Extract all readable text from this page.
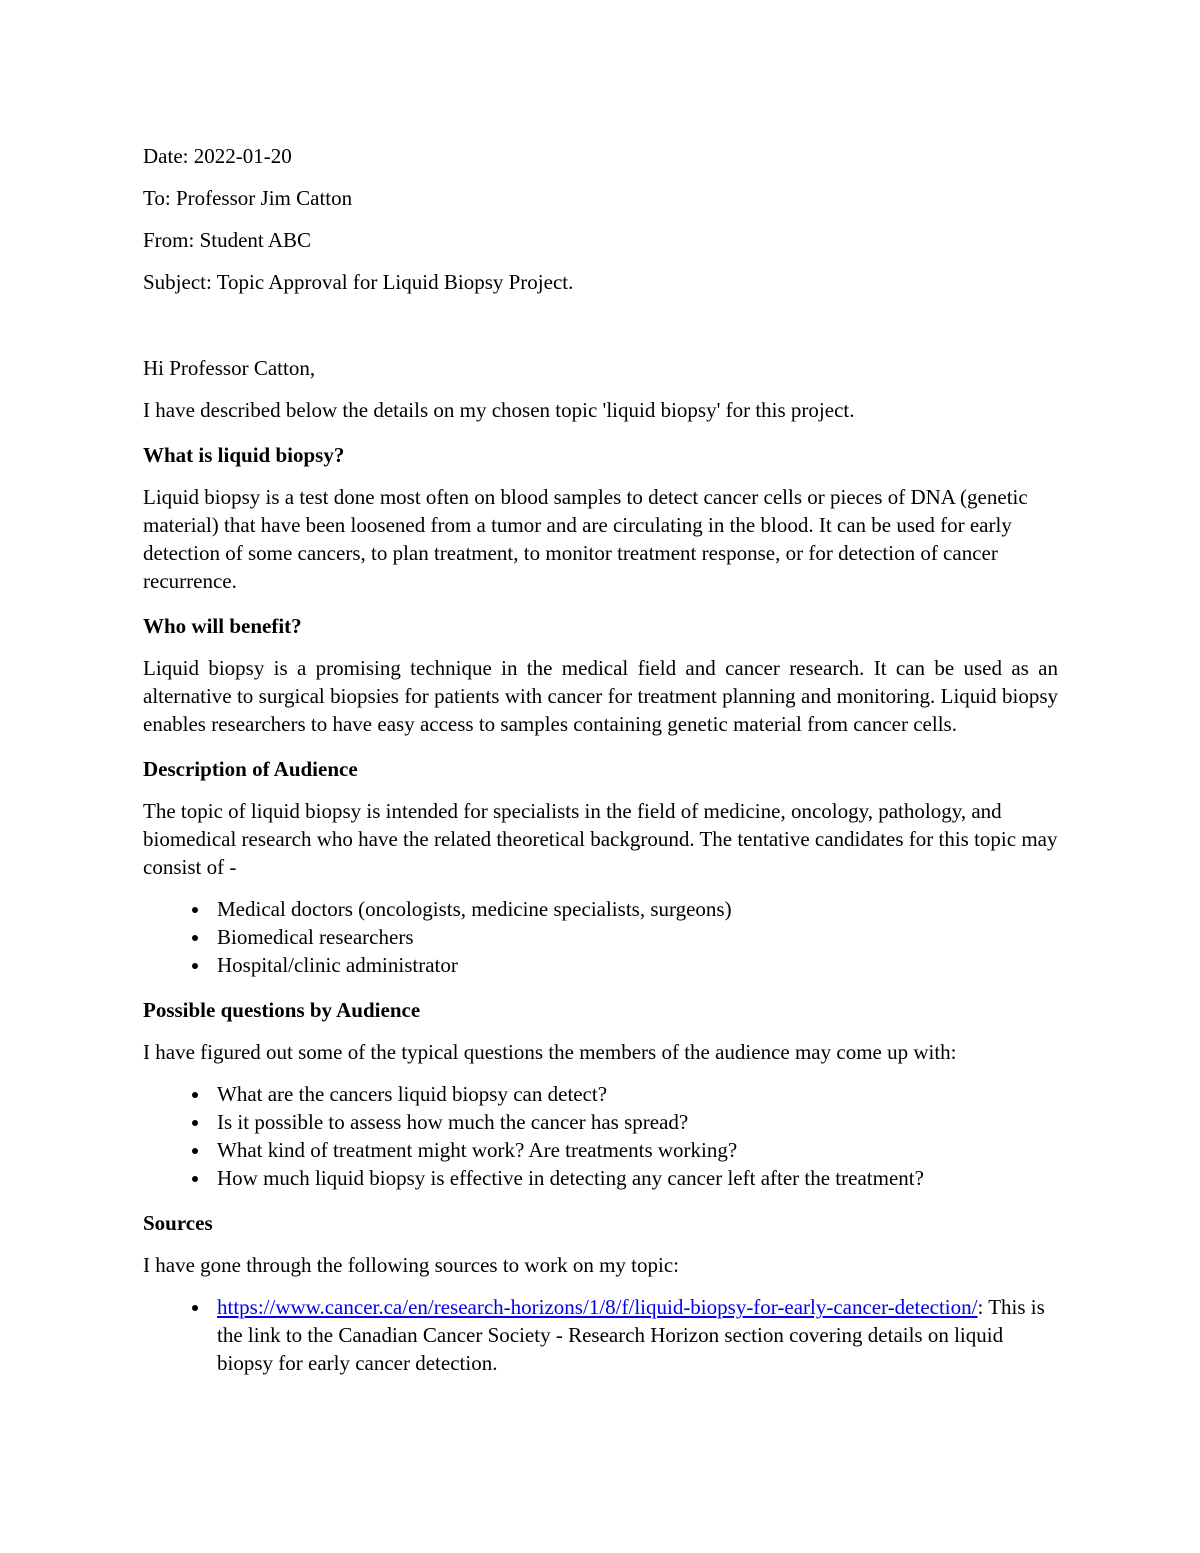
Date: 2022-01-20

To: Professor Jim Catton

From: Student ABC

Subject: Topic Approval for Liquid Biopsy Project.

Hi Professor Catton,

I have described below the details on my chosen topic 'liquid biopsy' for this project.

What is liquid biopsy?

Liquid biopsy is a test done most often on blood samples to detect cancer cells or pieces of DNA (genetic material) that have been loosened from a tumor and are circulating in the blood. It can be used for early detection of some cancers, to plan treatment, to monitor treatment response, or for detection of cancer recurrence.

Who will benefit?

Liquid biopsy is a promising technique in the medical field and cancer research. It can be used as an alternative to surgical biopsies for patients with cancer for treatment planning and monitoring. Liquid biopsy enables researchers to have easy access to samples containing genetic material from cancer cells.

Description of Audience

The topic of liquid biopsy is intended for specialists in the field of medicine, oncology, pathology, and biomedical research who have the related theoretical background. The tentative candidates for this topic may consist of -

• Medical doctors (oncologists, medicine specialists, surgeons)
• Biomedical researchers
• Hospital/clinic administrator
Possible questions by Audience

I have figured out some of the typical questions the members of the audience may come up with:

• What are the cancers liquid biopsy can detect?
• Is it possible to assess how much the cancer has spread?
• What kind of treatment might work? Are treatments working?
• How much liquid biopsy is effective in detecting any cancer left after the treatment?
Sources

I have gone through the following sources to work on my topic:

• https://www.cancer.ca/en/research-horizons/1/8/f/liquid-biopsy-for-early-cancer-detection/: This is the link to the Canadian Cancer Society - Research Horizon section covering details on liquid biopsy for early cancer detection.
